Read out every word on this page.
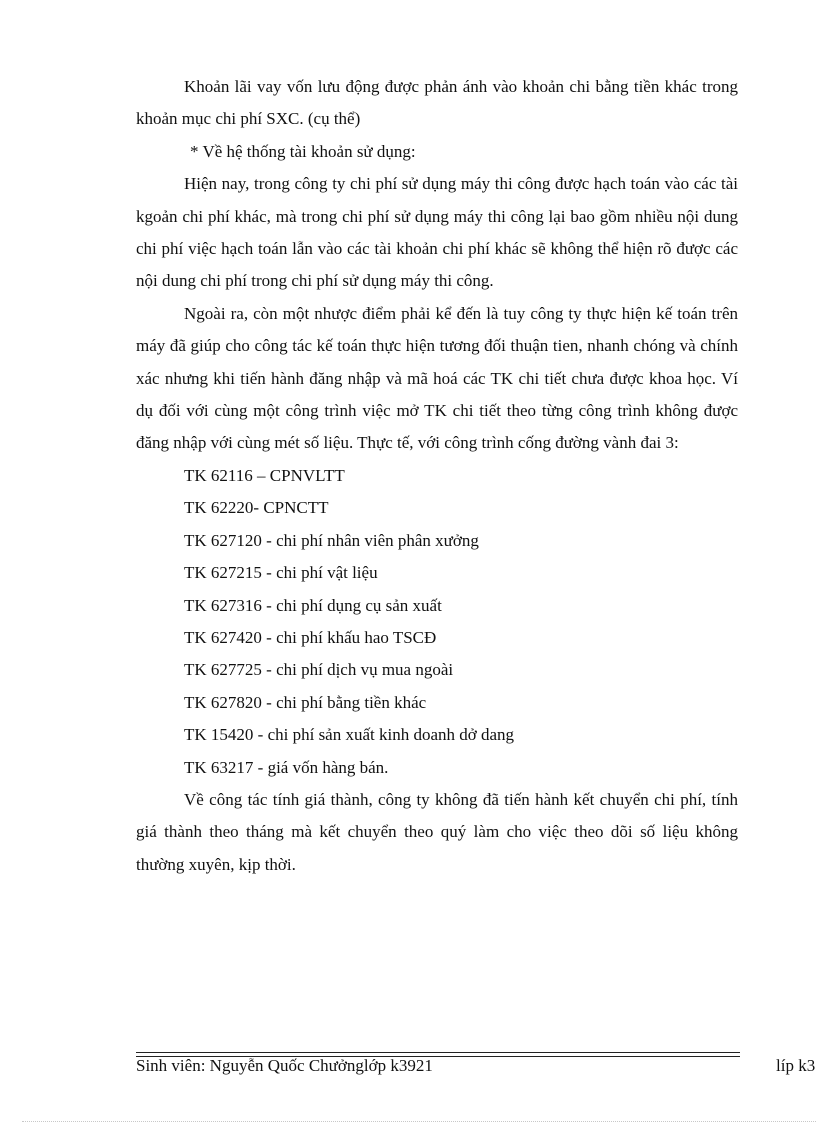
Khoản lãi vay vốn lưu động được phản ánh vào khoản chi bằng tiền khác trong khoản mục chi phí SXC. (cụ thể)

* Về hệ thống tài khoản sử dụng:

Hiện nay, trong công ty chi phí sử dụng máy thi công được hạch toán vào các tài kgoản chi phí khác, mà trong chi phí sử dụng máy thi công lại bao gồm nhiều nội dung chi phí việc hạch toán lẫn vào các tài khoản chi phí khác sẽ không thể hiện rõ được các nội dung chi phí trong chi phí sử dụng máy thi công.

Ngoài ra, còn một nhược điểm phải kể đến là tuy công ty thực hiện kế toán trên máy đã giúp cho công tác kế toán thực hiện tương đối thuận tien, nhanh chóng và chính xác nhưng khi tiến hành đăng nhập và mã hoá các TK chi tiết chưa được khoa học. Ví dụ đối với cùng một công trình việc mở TK chi tiết theo từng công trình không được đăng nhập với cùng mét số liệu. Thực tế, với công trình cống đường vành đai 3:

TK 62116 – CPNVLTT

TK 62220- CPNCTT

TK 627120 - chi phí nhân viên phân xưởng

TK 627215 - chi phí vật liệu

TK 627316 - chi phí dụng cụ sản xuất

TK 627420 - chi phí khấu hao TSCĐ

TK 627725 - chi phí dịch vụ mua ngoài

TK 627820 - chi phí bằng tiền khác

TK 15420 - chi phí sản xuất kinh doanh dở dang

TK 63217 - giá vốn hàng bán.

Về công tác tính giá thành, công ty không đã tiến hành kết chuyển chi phí, tính giá thành theo tháng mà kết chuyển theo quý làm cho việc theo dõi số liệu không thường xuyên, kịp thời.

Sinh viên: Nguyễn Quốc Chưởnglớp k3921	líp k3
